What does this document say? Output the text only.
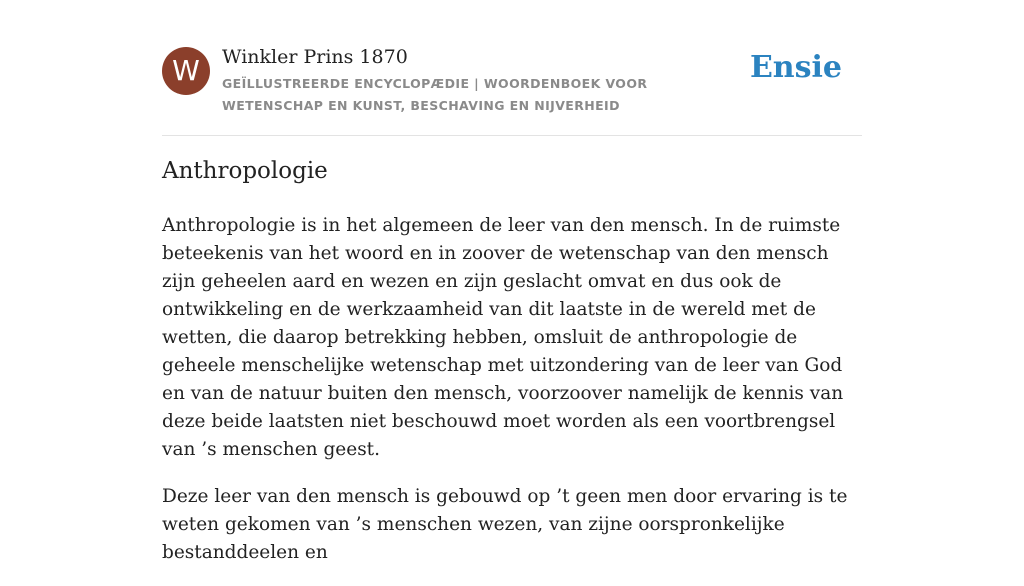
W	Winkler Prins 1870
GEÏLLUSTREERDE ENCYCLOPÆDIE | WOORDENBOEK VOOR WETENSCHAP EN KUNST, BESCHAVING EN NIJVERHEID
Ensie
Anthropologie

Anthropologie is in het algemeen de leer van den mensch. In de ruimste beteekenis van het woord en in zoover de wetenschap van den mensch zijn geheelen aard en wezen en zijn geslacht omvat en dus ook de ontwikkeling en de werkzaamheid van dit laatste in de wereld met de wetten, die daarop betrekking hebben, omsluit de anthropologie de geheele menschelijke wetenschap met uitzondering van de leer van God en van de natuur buiten den mensch, voorzoover namelijk de kennis van deze beide laatsten niet beschouwd moet worden als een voortbrengsel van ’s menschen geest.

Deze leer van den mensch is gebouwd op ’t geen men door ervaring is te weten gekomen van ’s menschen wezen, van zijne oorspronkelijke bestanddeelen en
